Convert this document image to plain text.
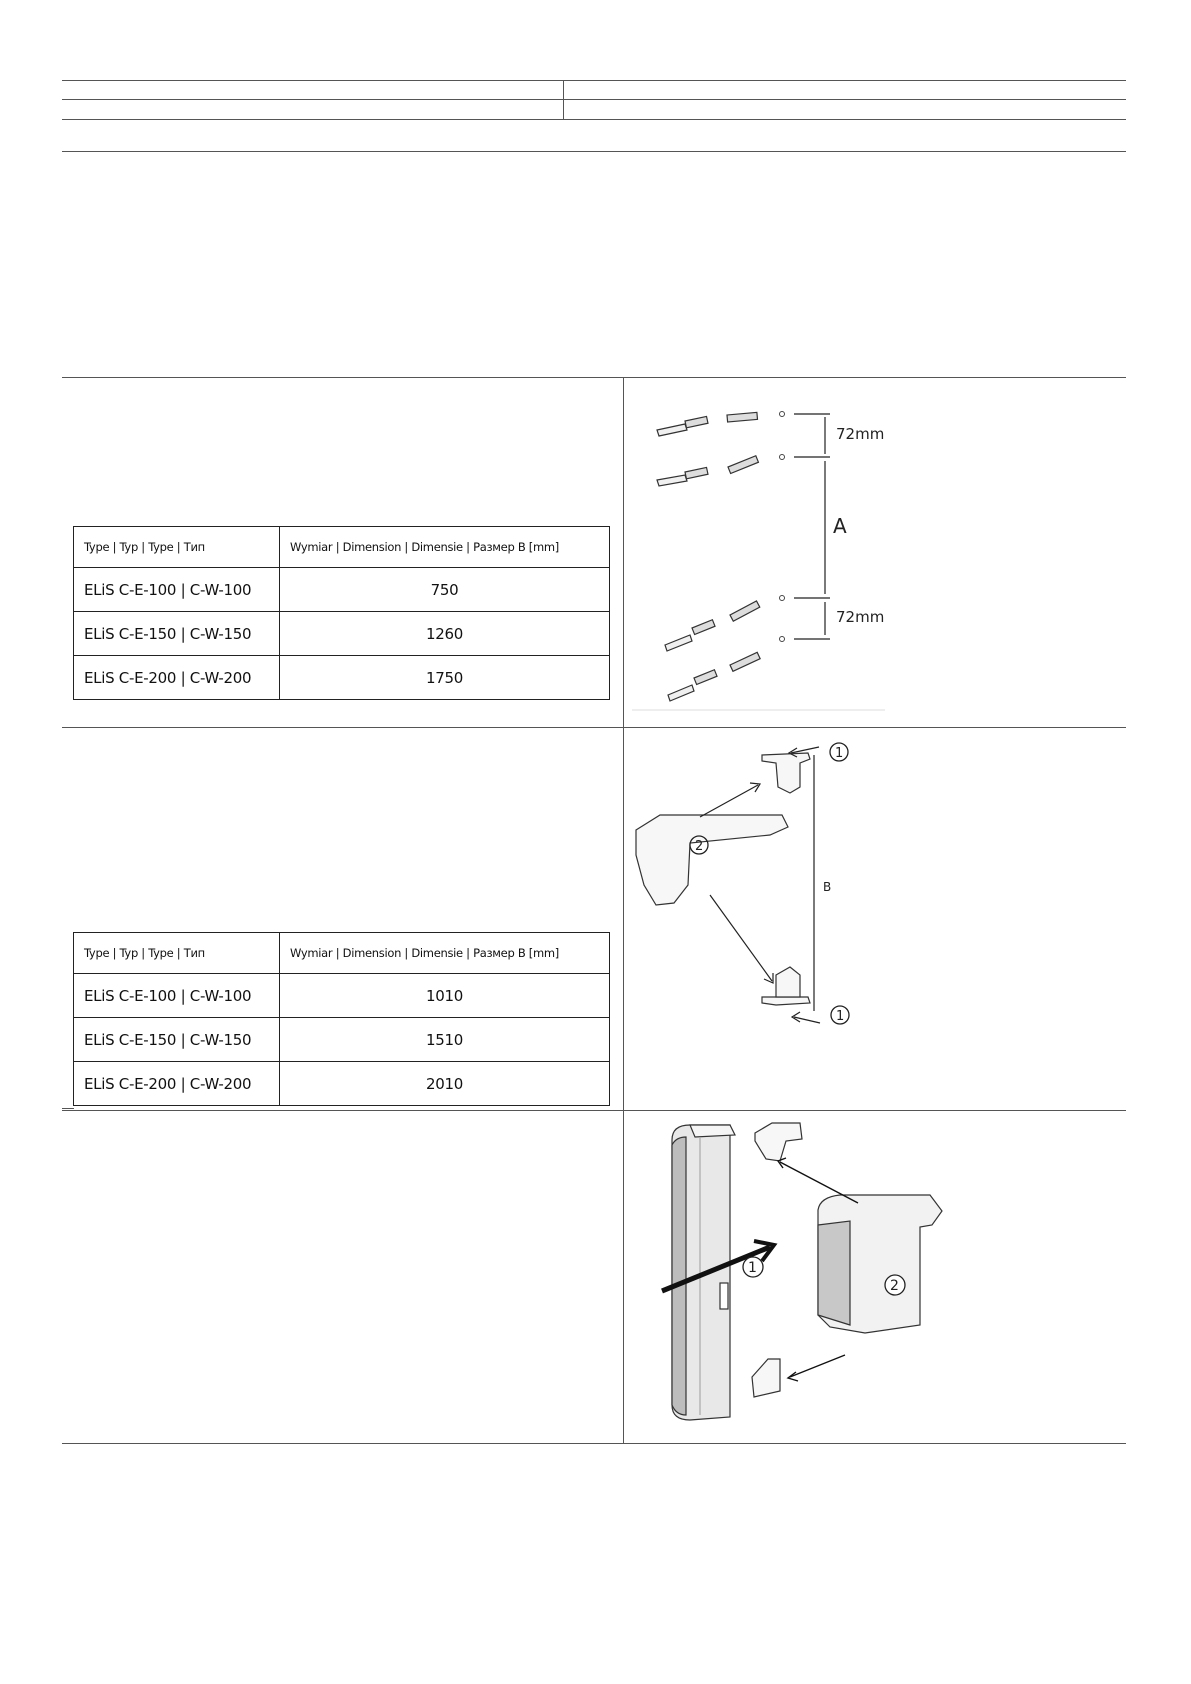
Type | Typ | Type | Тип	Wymiar | Dimension | Dimensie | Размер B [mm]
ELiS C-E-100 | C-W-100	750
ELiS C-E-150 | C-W-150	1260
ELiS C-E-200 | C-W-200	1750
Type | Typ | Type | Тип	Wymiar | Dimension | Dimensie | Размер B [mm]
ELiS C-E-100 | C-W-100	1010
ELiS C-E-150 | C-W-150	1510
ELiS C-E-200 | C-W-200	2010
72mm
A
72mm
1
1
2
B
1
2
